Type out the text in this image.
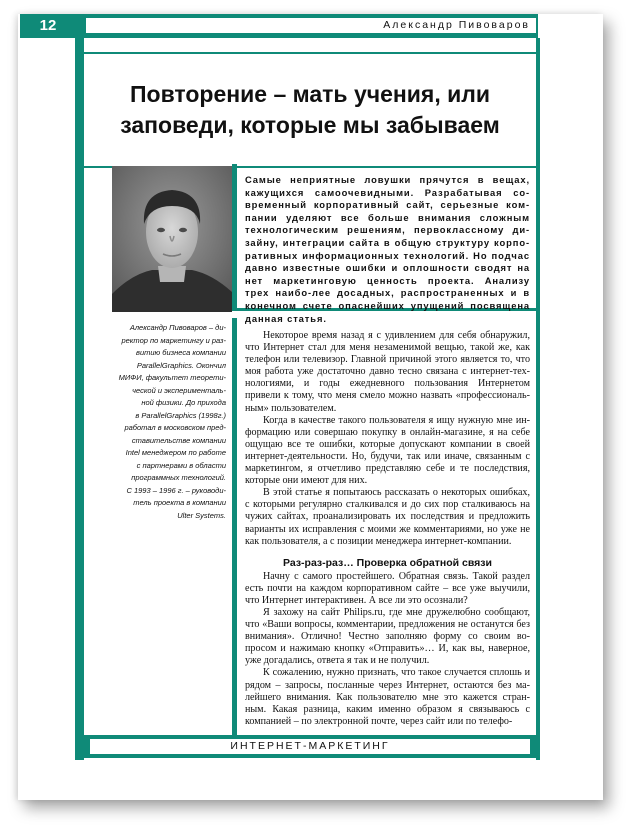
12	Александр Пивоваров
Повторение – мать учения, или
заповеди, которые мы забываем

Самые неприятные ловушки прячутся в вещах, кажущихся самоочевидными. Разрабатывая со-временный корпоративный сайт, серьезные ком-пании уделяют все больше внимания сложным технологическим решениям, первоклассному ди-зайну, интеграции сайта в общую структуру корпо-ративных информационных технологий. Но подчас давно известные ошибки и оплошности сводят на нет маркетинговую ценность проекта. Анализу трех наибо-лее досадных, распространенных и в конечном счете опаснейших упущений посвящена данная статья.

Александр Пивоваров – ди-
ректор по маркетингу и раз-
витию бизнеса компании
ParallelGraphics. Окончил
МИФИ, факультет теорети-
ческой и эксперименталь-
ной физики. До прихода
в ParallelGraphics (1998г.)
работал в московском пред-
ставительстве компании
Intel менеджером по работе
с партнерами в области
программных технологий.
С 1993 – 1996 г. – руководи-
тель проекта в компании
Ulter Systems.

Некоторое время назад я с удивлением для себя обнаружил, что Интернет стал для меня незаменимой вещью, такой же, как телефон или телевизор. Главной причиной этого является то, что моя работа уже достаточно давно тесно связана с интернет-тех-нологиями, и годы ежедневного пользования Интернетом привели к тому, что меня смело можно назвать «профессиональ-ным» пользователем.

Когда в качестве такого пользователя я ищу нужную мне ин-формацию или совершаю покупку в онлайн-магазине, я на себе ощущаю все те ошибки, которые допускают компании в своей интернет-деятельности. Но, будучи, так или иначе, связанным с маркетингом, я отчетливо представляю себе и те последствия, которые они имеют для них.

В этой статье я попытаюсь рассказать о некоторых ошибках, с которыми регулярно сталкивался и до сих пор сталкиваюсь на чужих сайтах, проанализировать их последствия и предложить варианты их исправления с моими же комментариями, но уже не как пользователя, а с позиции менеджера интернет-компании.

Раз-раз-раз… Проверка обратной связи

Начну с самого простейшего. Обратная связь. Такой раздел есть почти на каждом корпоративном сайте – все уже выучили, что Интернет интерактивен. А все ли это осознали?

Я захожу на сайт Philips.ru, где мне дружелюбно сообщают, что «Ваши вопросы, комментарии, предложения не останутся без внимания». Отлично! Честно заполняю форму со своим во-просом и нажимаю кнопку «Отправить»… И, как вы, наверное, уже догадались, ответа я так и не получил.

К сожалению, нужно признать, что такое случается сплошь и рядом – запросы, посланные через Интернет, остаются без ма-лейшего внимания. Как пользователю мне это кажется стран-ным. Какая разница, каким именно образом я связываюсь с компанией – по электронной почте, через сайт или по телефо-

ИНТЕРНЕТ-МАРКЕТИНГ
